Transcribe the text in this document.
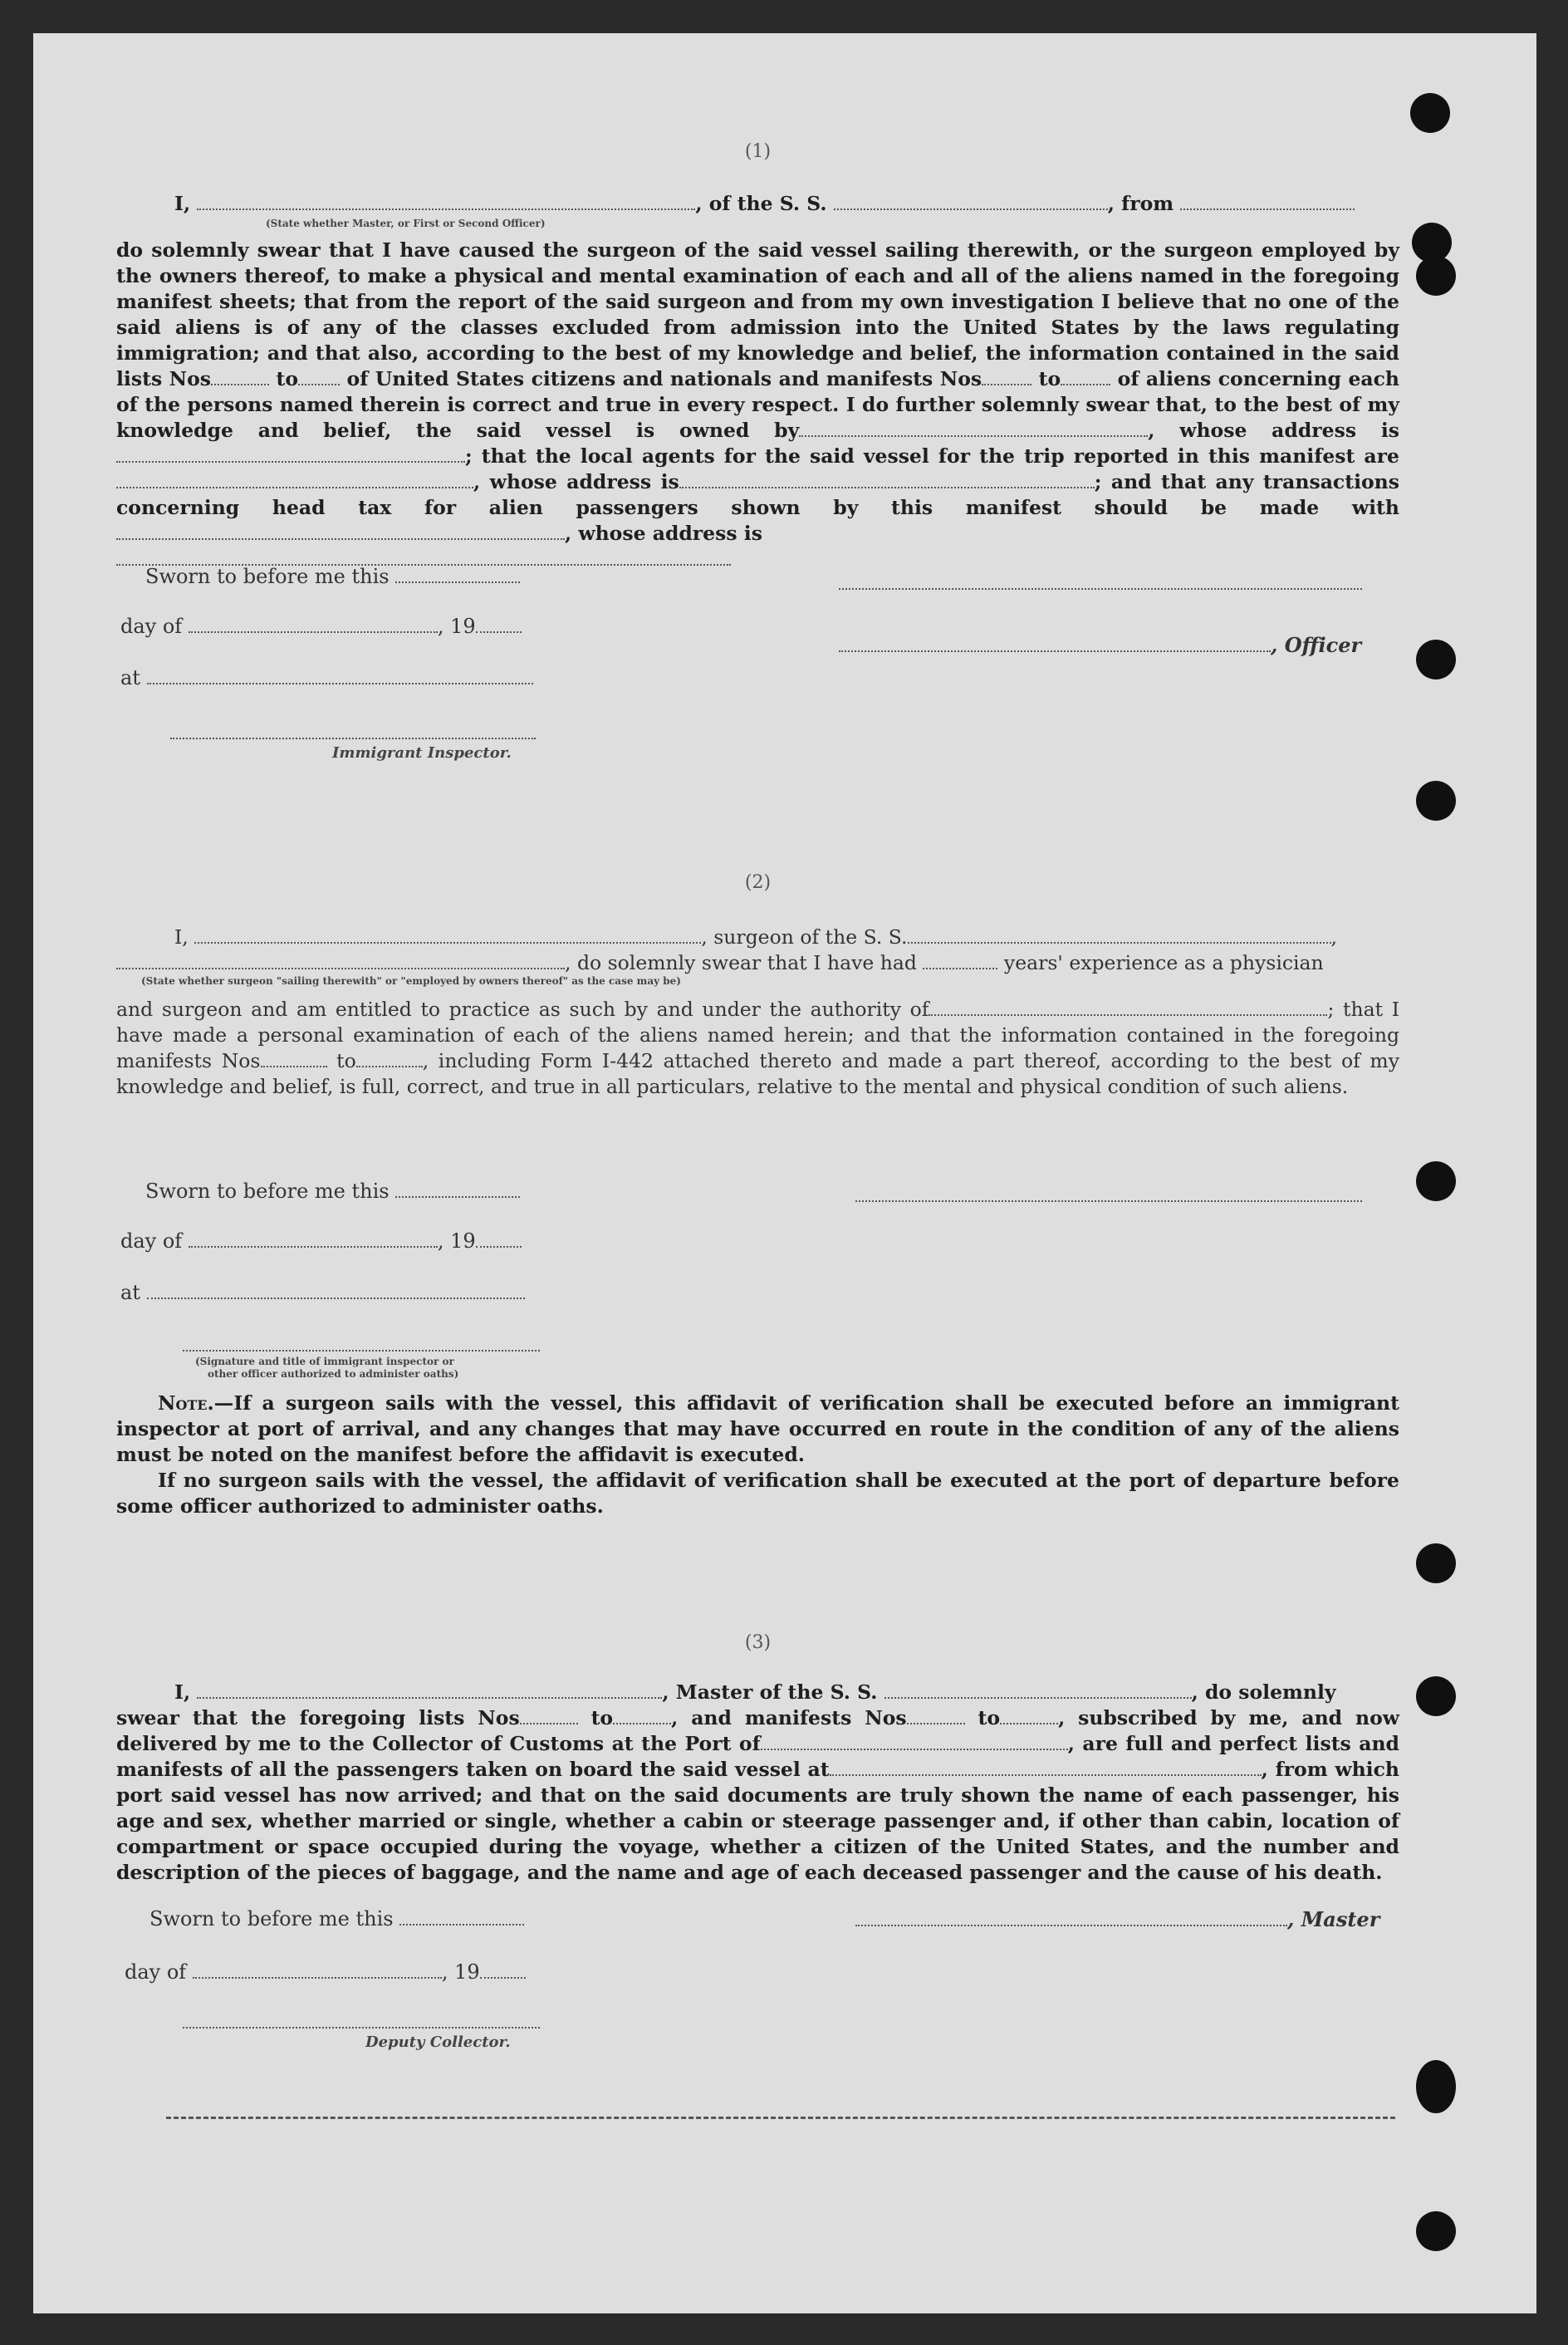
(1)
I,	, of the S. S.	, from
(State whether Master, or First or Second Officer)
do solemnly swear that I have caused the surgeon of the said vessel sailing therewith, or the surgeon employed by the owners thereof, to make a physical and mental examination of each and all of the aliens named in the foregoing manifest sheets; that from the report of the said surgeon and from my own investigation I believe that no one of the said aliens is of any of the classes excluded from admission into the United States by the laws regulating immigration; and that also, according to the best of my knowledge and belief, the information contained in the said lists Nos	to of United States citizens and nationals and manifests Nos	to	of aliens concerning each of the persons named therein is correct and true in every respect. I do further solemnly swear that, to the best of my knowledge and belief, the said vessel is owned by	, whose address is; that the local agents for the said vessel for the trip reported in this manifest are, whose address is	; and that any transactions concerning head tax for alien passengers shown by this manifest should be made with, whose address is

Sworn to before me this
day of	, 19
, Officer
at
Immigrant Inspector.
(2)
I,	, surgeon of the S. S.	,
, do solemnly swear that I have had	years' experience as a physician
(State whether surgeon "sailing therewith" or "employed by owners thereof" as the case may be)
and surgeon and am entitled to practice as such by and under the authority of	; that I have made a personal examination of each of the aliens named herein; and that the information contained in the foregoing manifests Nos	to	, including Form I-442 attached thereto and made a part thereof, according to the best of my knowledge and belief, is full, correct, and true in all particulars, relative to the mental and physical condition of such aliens.
Sworn to before me this
day of	, 19
at
(Signature and title of immigrant inspector or
other officer authorized to administer oaths)
Note.—If a surgeon sails with the vessel, this affidavit of verification shall be executed before an immigrant inspector at port of arrival, and any changes that may have occurred en route in the condition of any of the aliens must be noted on the manifest before the affidavit is executed.
If no surgeon sails with the vessel, the affidavit of verification shall be executed at the port of departure before some officer authorized to administer oaths.
(3)
I,	, Master of the S. S.	, do solemnly
swear that the foregoing lists Nos	to	, and manifests Nos	to	, subscribed by me, and now delivered by me to the Collector of Customs at the Port of	, are full and perfect lists and manifests of all the passengers taken on board the said vessel at	, from which port said vessel has now arrived; and that on the said documents are truly shown the name of each passenger, his age and sex, whether married or single, whether a cabin or steerage passenger and, if other than cabin, location of compartment or space occupied during the voyage, whether a citizen of the United States, and the number and description of the pieces of baggage, and the name and age of each deceased passenger and the cause of his death.
Sworn to before me this	, Master
day of	, 19
Deputy Collector.
